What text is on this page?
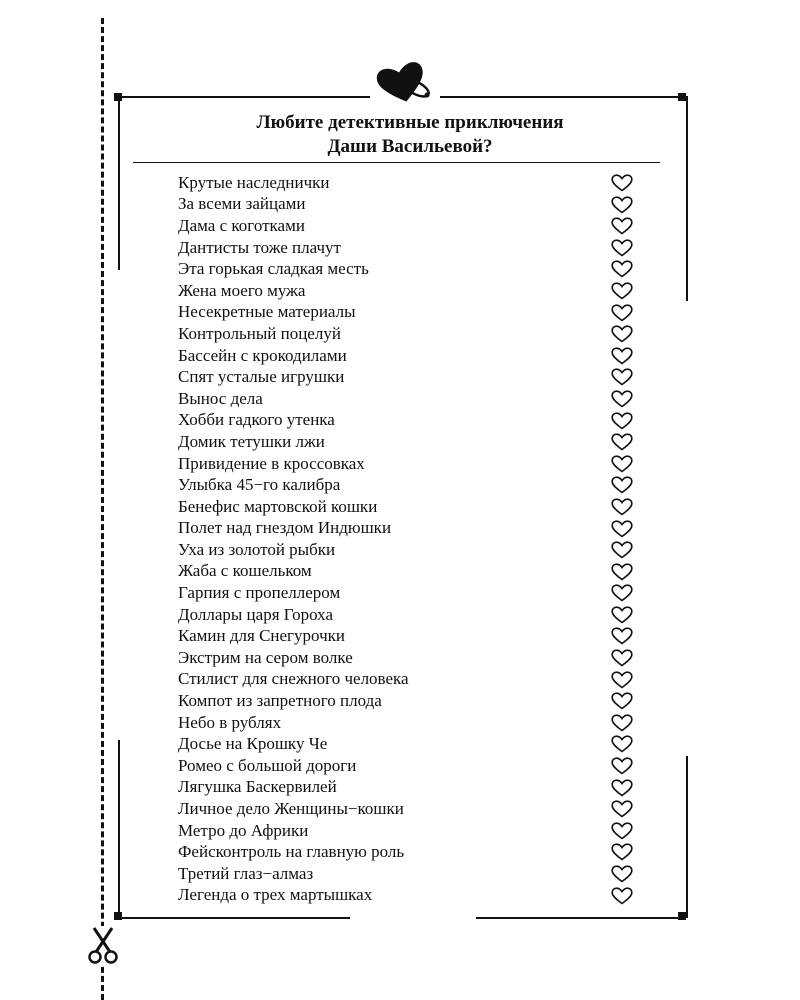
Любите детективные приключения
Даши Васильевой?
Крутые наследнички
За всеми зайцами
Дама с коготками
Дантисты тоже плачут
Эта горькая сладкая месть
Жена моего мужа
Несекретные материалы
Контрольный поцелуй
Бассейн с крокодилами
Спят усталые игрушки
Вынос дела
Хобби гадкого утенка
Домик тетушки лжи
Привидение в кроссовках
Улыбка 45−го калибра
Бенефис мартовской кошки
Полет над гнездом Индюшки
Уха из золотой рыбки
Жаба с кошельком
Гарпия с пропеллером
Доллары царя Гороха
Камин для Снегурочки
Экстрим на сером волке
Стилист для снежного человека
Компот из запретного плода
Небо в рублях
Досье на Крошку Че
Ромео с большой дороги
Лягушка Баскервилей
Личное дело Женщины−кошки
Метро до Африки
Фейсконтроль на главную роль
Третий глаз−алмаз
Легенда о трех мартышках
